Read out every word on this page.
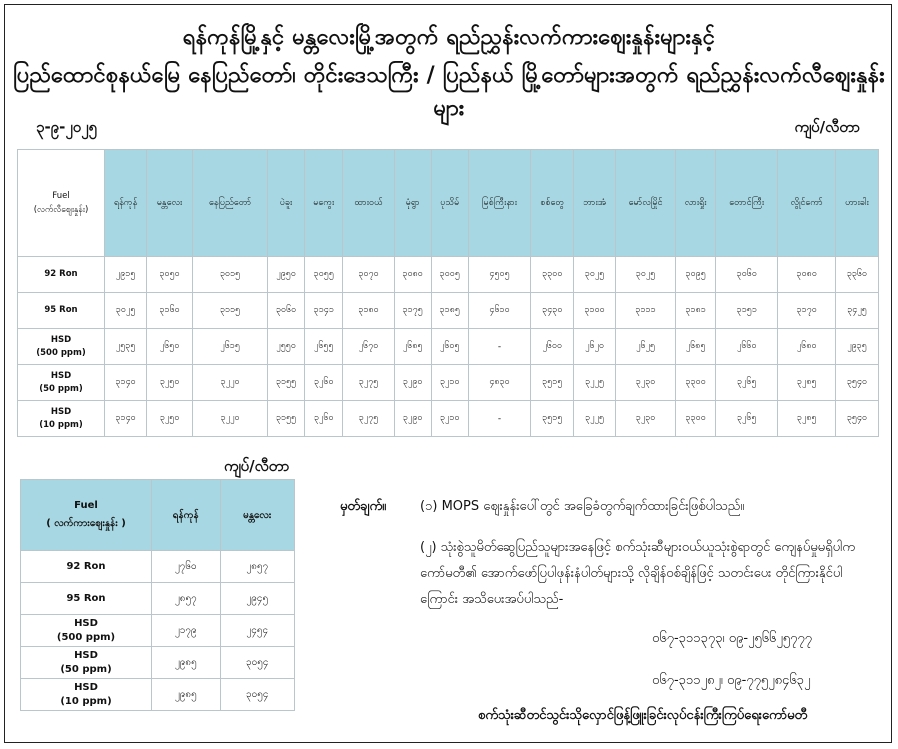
ရန်ကုန်မြို့နှင့် မန္တလေးမြို့အတွက် ရည်ညွှန်းလက်ကားဈေးနှုန်းများနှင့်
ပြည်ထောင်စုနယ်မြေ နေပြည်တော်၊ တိုင်းဒေသကြီး / ပြည်နယ် မြို့တော်များအတွက် ရည်ညွှန်းလက်လီဈေးနှုန်းများ
၃-၉-၂၀၂၅	ကျပ်/လီတာ
Fuel
(လက်လီဈေးနှုန်း)	ရန်ကုန်	မန္တလေး	နေပြည်တော်	ပဲခူး	မကွေး	ထားဝယ်	မုံရွာ	ပုသိမ်	မြစ်ကြီးနား	စစ်တွေ	ဘားအံ	မော်လမြိုင်	လားရှိုး	တောင်ကြီး	လွိုင်ကော်	ဟားခါး
92 Ron	၂၉၁၅	၃၀၅၀	၃၀၁၅	၂၉၅၀	၃၀၅၅	၃၀၇၀	၃၀၈၀	၃၀၀၅	၄၅၀၅	၃၃၀၀	၃၀၂၅	၃၀၂၅	၃၀၉၅	၃၀၆၀	၃၀၈၀	၃၃၆၀
95 Ron	၃၀၂၅	၃၁၆၀	၃၁၁၅	၃၀၆၀	၃၁၄၁	၃၁၈၀	၃၁၇၅	၃၁၈၅	၄၆၁၀	၃၄၃၀	၃၁၀၀	၃၁၁၁	၃၁၈၁	၃၁၅၁	၃၁၇၀	၃၄၂၅
HSD
(500 ppm)	၂၅၃၅	၂၆၅၀	၂၆၁၅	၂၅၅၀	၂၆၅၅	၂၆၇၀	၂၆၈၅	၂၆၀၅	-	၂၆၀၀	၂၆၂၀	၂၆၂၅	၂၆၈၅	၂၆၆၀	၂၆၈၀	၂၉၃၅
HSD
(50 ppm)	၃၁၄၀	၃၂၅၀	၃၂၂၀	၃၁၅၅	၃၂၆၀	၃၂၇၅	၃၂၉၀	၃၂၁၀	၄၈၃၀	၃၅၁၅	၃၂၂၅	၃၂၃၀	၃၃၀၀	၃၂၆၅	၃၂၈၅	၃၅၄၀
HSD
(10 ppm)	၃၁၄၀	၃၂၅၀	၃၂၂၀	၃၁၅၅	၃၂၆၀	၃၂၇၅	၃၂၉၀	၃၂၁၀	-	၃၅၁၅	၃၂၂၅	၃၂၃၀	၃၃၀၀	၃၂၆၅	၃၂၈၅	၃၅၄၀
ကျပ်/လီတာ
Fuel
( လက်ကားဈေးနှုန်း )	ရန်ကုန်	မန္တလေး
92 Ron	၂၇၆၀	၂၈၅၇
95 Ron	၂၈၅၇	၂၉၄၅
HSD
(500 ppm)	၂၁၇၉	၂၄၅၄
HSD
(50 ppm)	၂၉၈၅	၃၀၅၄
HSD
(10 ppm)	၂၉၈၅	၃၀၅၄
မှတ်ချက်။	(၁) MOPS ဈေးနှုန်းပေါ်တွင် အခြေခံတွက်ချက်ထားခြင်းဖြစ်ပါသည်။
(၂) သုံးစွဲသူမိတ်ဆွေပြည်သူများအနေဖြင့် စက်သုံးဆီများဝယ်ယူသုံးစွဲရာတွင် ကျေနပ်မှုမရှိပါက ကော်မတီ၏ အောက်ဖော်ပြပါဖုန်းနံပါတ်များသို့ လိုချိန်ဝစ်ချိန်ဖြင့် သတင်းပေး တိုင်ကြားနိုင်ပါကြောင်း အသိပေးအပ်ပါသည်-
၀၆၇-၃၁၁၃၇၃၊ ၀၉-၂၅၆၆၂၅၇၇၇
၀၆၇-၃၁၁၂၈၂၊ ၀၉-၇၇၅၂၈၄၆၃၂
စက်သုံးဆီတင်သွင်းသိုလှောင်ဖြန့်ဖြူးခြင်းလုပ်ငန်းကြီးကြပ်ရေးကော်မတီ
